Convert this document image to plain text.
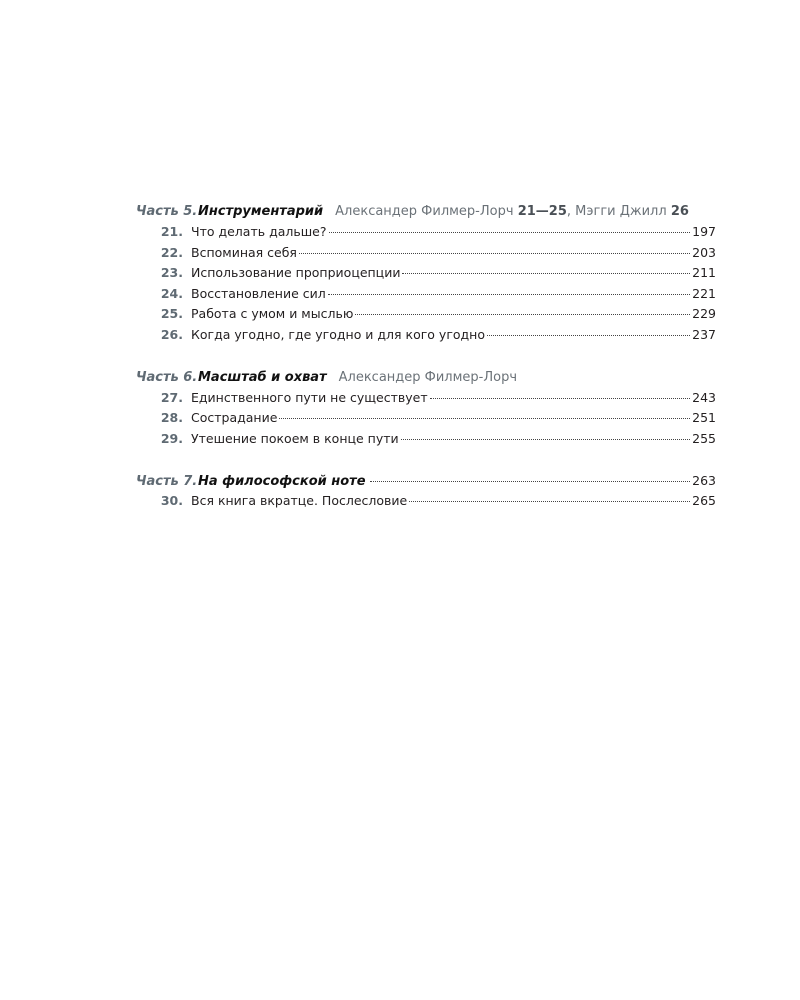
Часть 5. Инструментарий Александер Филмер-Лорч 21—25, Мэгги Джилл 26
21. Что делать дальше?	197
22. Вспоминая себя	203
23. Использование проприоцепции	211
24. Восстановление сил	221
25. Работа с умом и мыслью	229
26. Когда угодно, где угодно и для кого угодно	237
Часть 6. Масштаб и охват Александер Филмер-Лорч
27. Единственного пути не существует	243
28. Сострадание	251
29. Утешение покоем в конце пути	255
Часть 7. На философской ноте	263
30. Вся книга вкратце. Послесловие	265
